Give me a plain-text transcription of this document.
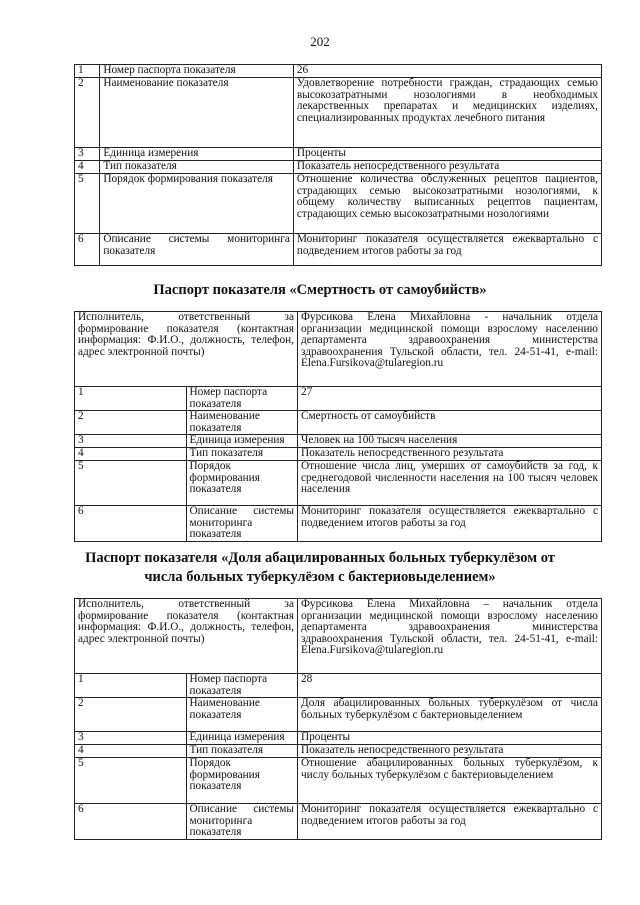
202
1	Номер паспорта показателя	26
2	Наименование показателя	Удовлетворение потребности граждан, страдающих семью высокозатратными нозологиями в необходимых лекарственных препаратах и медицинских изделиях, специализированных продуктах лечебного питания
3	Единица измерения	Проценты
4	Тип показателя	Показатель непосредственного результата
5	Порядок формирования показателя	Отношение количества обслуженных рецептов пациентов, страдающих семью высокозатратными нозологиями, к общему количеству выписанных рецептов пациентам, страдающих семью высокозатратными нозологиями
6	Описание системы мониторинга показателя	Мониторинг показателя осуществляется ежеквартально с подведением итогов работы за год
Паспорт показателя «Смертность от самоубийств»
Исполнитель, ответственный за формирование показателя (контактная информация: Ф.И.О., должность, телефон, адрес электронной почты)		Фурсикова Елена Михайловна - начальник отдела организации медицинской помощи взрослому населению департамента здравоохранения министерства здравоохранения Тульской области, тел. 24-51-41, e-mail: Elena.Fursikova@tularegion.ru
1	Номер паспорта показателя	27
2	Наименование показателя	Смертность от самоубийств
3	Единица измерения	Человек на 100 тысяч населения
4	Тип показателя	Показатель непосредственного результата
5	Порядок формирования показателя	Отношение числа лиц, умерших от самоубийств за год, к среднегодовой численности населения на 100 тысяч человек населения
6	Описание системы мониторинга показателя	Мониторинг показателя осуществляется ежеквартально с подведением итогов работы за год
Паспорт показателя «Доля абацилированных больных туберкулёзом от
числа больных туберкулёзом с бактериовыделением»
Исполнитель, ответственный за формирование показателя (контактная информация: Ф.И.О., должность, телефон, адрес электронной почты)		Фурсикова Елена Михайловна – начальник отдела организации медицинской помощи взрослому населению департамента здравоохранения министерства здравоохранения Тульской области, тел. 24-51-41, e-mail: Elena.Fursikova@tularegion.ru
1	Номер паспорта показателя	28
2	Наименование показателя	Доля абацилированных больных туберкулёзом от числа больных туберкулёзом с бактериовыделением
3	Единица измерения	Проценты
4	Тип показателя	Показатель непосредственного результата
5	Порядок формирования показателя	Отношение абацилированных больных туберкулёзом, к числу больных туберкулёзом с бактериовыделением
6	Описание системы мониторинга показателя	Мониторинг показателя осуществляется ежеквартально с подведением итогов работы за год
